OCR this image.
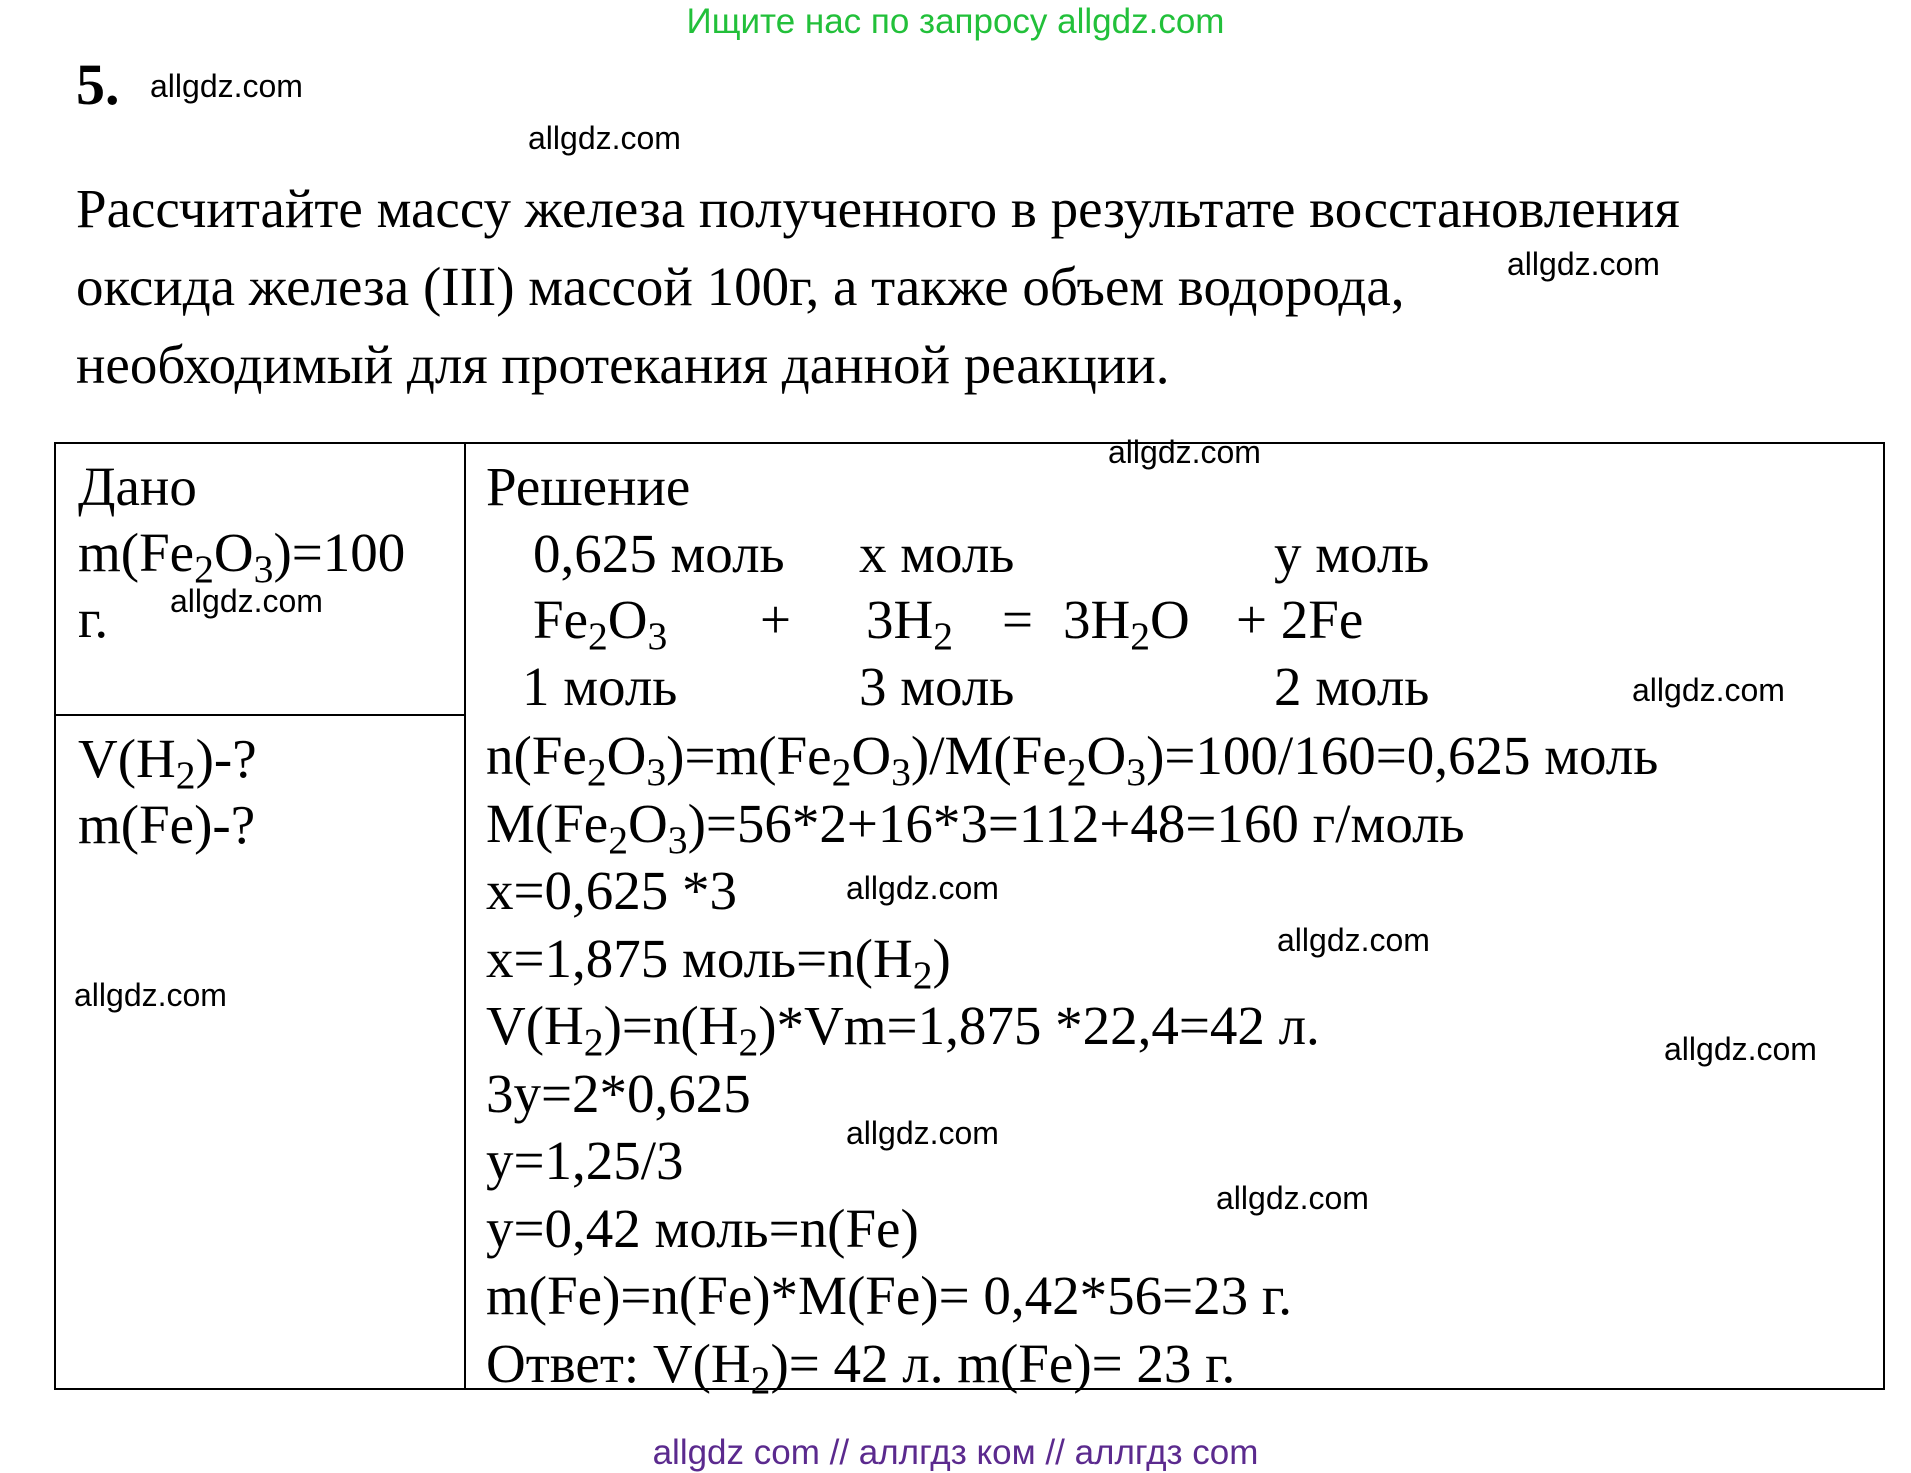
Ищите нас по запросу allgdz.com
5. allgdz.com
allgdz.com
Рассчитайте массу железа полученного в результате восстановления
оксида железа (III) массой 100г, а также объем водорода,
необходимый для протекания данной реакции.
allgdz.com
Дано
$m(Fe_2O_3)=100$
г.
$V(H_2)-$?
m(Fe)-?
Решение
0,625 моль x моль	y моль
$Fe_2O_3 + 3H_2 = 3H_2O + 2Fe$
1 моль	3 моль	2 моль
$n(Fe_2O_3)=m(Fe_2O_3)/M(Fe_2O_3)=100/160=0,625$ моль
$M(Fe_2O_3)=56*2+16*3=112+48=160$ г/моль
x=0,625 *3
x=1,875 $моль=n(H_2)$
$V(H_2)=n(H_2)*Vm=1,875$ *22,4=42 л.
3y=2*0,625
y=1,25/3
y=0,42 моль=n(Fe)
m(Fe)=n(Fe)*M(Fe)= 0,42*56=23 г.
Ответ: $V(H_2)= 42$ л. m(Fe)= 23 г.
allgdz.com
allgdz.com
allgdz.com
allgdz.com
allgdz.com
allgdz.com
allgdz.com
allgdz.com
allgdz.com
allgdz com // аллгдз ком // аллгдз com
